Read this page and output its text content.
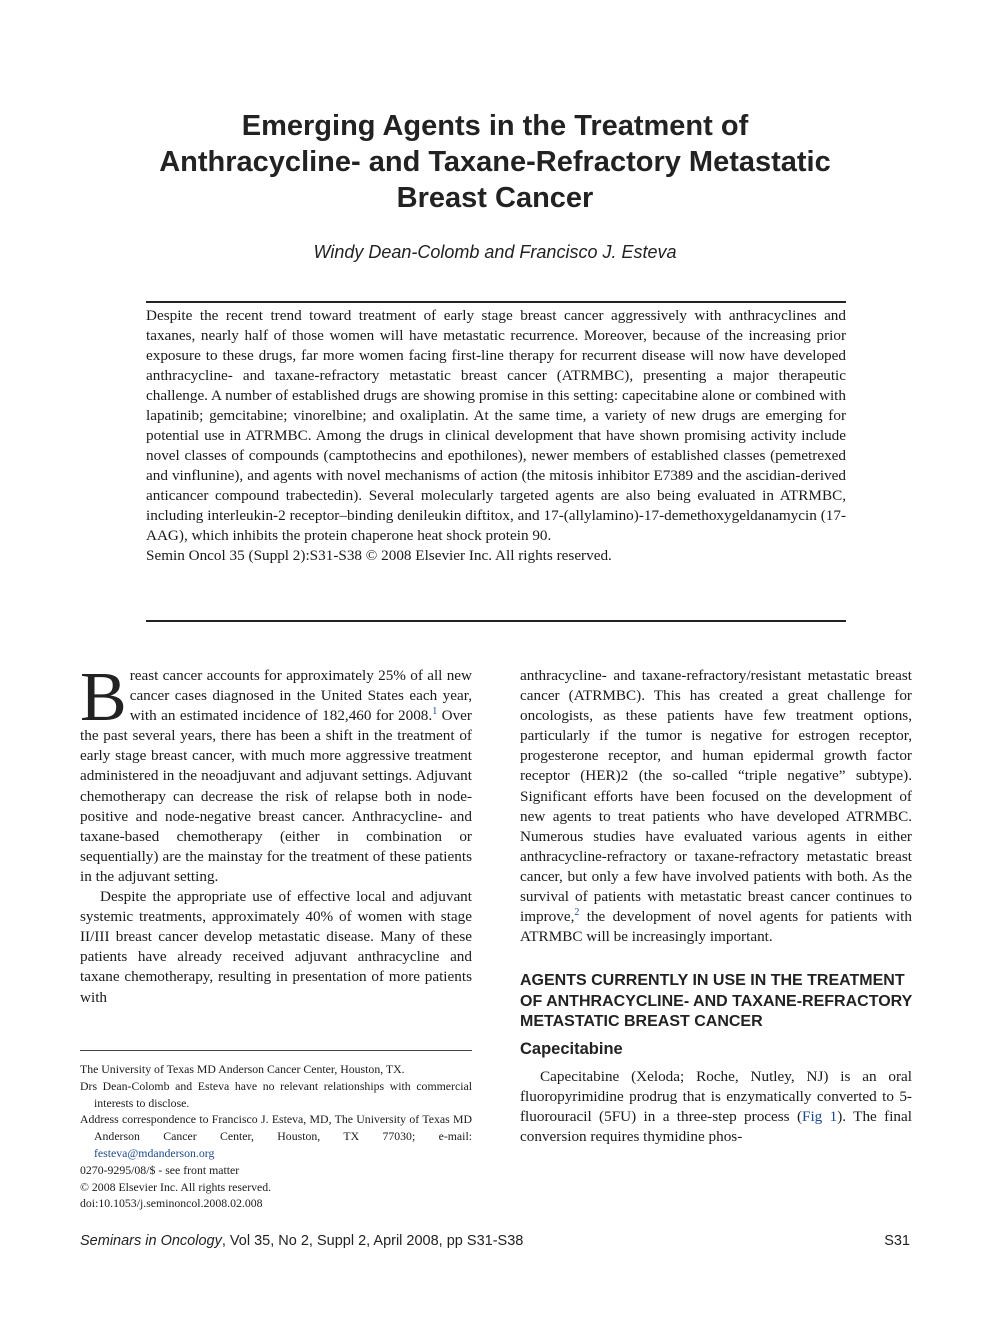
Emerging Agents in the Treatment of
Anthracycline- and Taxane-Refractory Metastatic
Breast Cancer
Windy Dean-Colomb and Francisco J. Esteva

Despite the recent trend toward treatment of early stage breast cancer aggressively with anthracyclines and taxanes, nearly half of those women will have metastatic recurrence. Moreover, because of the increasing prior exposure to these drugs, far more women facing first-line therapy for recurrent disease will now have developed anthracycline- and taxane-refractory metastatic breast cancer (ATRMBC), presenting a major therapeutic challenge. A number of established drugs are showing promise in this setting: capecitabine alone or combined with lapatinib; gemcitabine; vinorelbine; and oxaliplatin. At the same time, a variety of new drugs are emerging for potential use in ATRMBC. Among the drugs in clinical development that have shown promising activity include novel classes of compounds (camptothecins and epothilones), newer members of established classes (pemetrexed and vinflunine), and agents with novel mechanisms of action (the mitosis inhibitor E7389 and the ascidian-derived anticancer compound trabectedin). Several molecularly targeted agents are also being evaluated in ATRMBC, including interleukin-2 receptor–binding denileukin diftitox, and 17-(allylamino)-17-demethoxygeldanamycin (17-AAG), which inhibits the protein chaperone heat shock protein 90.

Semin Oncol 35 (Suppl 2):S31-S38 © 2008 Elsevier Inc. All rights reserved.

Breast cancer accounts for approximately 25% of all new cancer cases diagnosed in the United States each year, with an estimated incidence of 182,460 for 2008.$^1$ Over the past several years, there has been a shift in the treatment of early stage breast cancer, with much more aggressive treatment administered in the neoadjuvant and adjuvant settings. Adjuvant chemotherapy can decrease the risk of relapse both in node-positive and node-negative breast cancer. Anthracycline- and taxane-based chemotherapy (either in combination or sequentially) are the mainstay for the treatment of these patients in the adjuvant setting.

Despite the appropriate use of effective local and adjuvant systemic treatments, approximately 40% of women with stage II/III breast cancer develop metastatic disease. Many of these patients have already received adjuvant anthracycline and taxane chemotherapy, resulting in presentation of more patients with

The University of Texas MD Anderson Cancer Center, Houston, TX.

Drs Dean-Colomb and Esteva have no relevant relationships with commercial interests to disclose.

Address correspondence to Francisco J. Esteva, MD, The University of Texas MD Anderson Cancer Center, Houston, TX 77030; e-mail: festeva@mdanderson.org

0270-9295/08/$ - see front matter

© 2008 Elsevier Inc. All rights reserved.

doi:10.1053/j.seminoncol.2008.02.008

anthracycline- and taxane-refractory/resistant metastatic breast cancer (ATRMBC). This has created a great challenge for oncologists, as these patients have few treatment options, particularly if the tumor is negative for estrogen receptor, progesterone receptor, and human epidermal growth factor receptor (HER)2 (the so-called “triple negative” subtype). Significant efforts have been focused on the development of new agents to treat patients who have developed ATRMBC. Numerous studies have evaluated various agents in either anthracycline-refractory or taxane-refractory metastatic breast cancer, but only a few have involved patients with both. As the survival of patients with metastatic breast cancer continues to improve,$^2$ the development of novel agents for patients with ATRMBC will be increasingly important.

AGENTS CURRENTLY IN USE IN THE TREATMENT OF ANTHRACYCLINE- AND TAXANE-REFRACTORY METASTATIC BREAST CANCER
Capecitabine

Capecitabine (Xeloda; Roche, Nutley, NJ) is an oral fluoropyrimidine prodrug that is enzymatically converted to 5-fluorouracil (5FU) in a three-step process (Fig 1). The final conversion requires thymidine phos-

Seminars in Oncology, Vol 35, No 2, Suppl 2, April 2008, pp S31-S38	S31
